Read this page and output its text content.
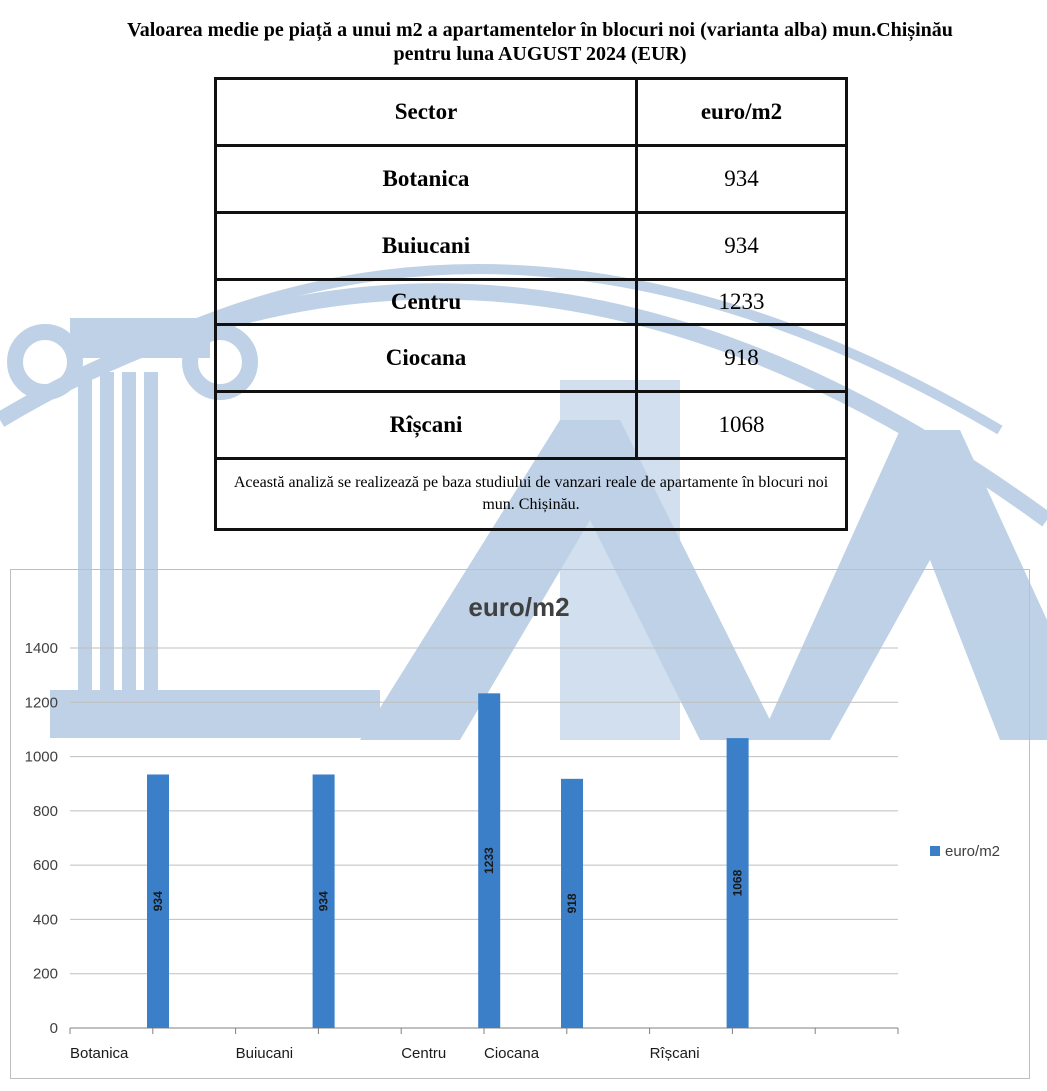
Valoarea medie pe piață a unui m2 a apartamentelor în blocuri noi (varianta alba) mun.Chișinău
pentru luna AUGUST 2024 (EUR)
Sector	euro/m2
Botanica	934
Buiucani	934
Centru	1233
Ciocana	918
Rîșcani	1068
Această analiză se realizează pe baza studiului de vanzari reale de apartamente în blocuri noi mun. Chișinău.	
euro/m2
934	934
1233
918
1068
0
200
400
600
800
1000
1200
1400
Botanica	Buiucani	Centru	Ciocana	Rîșcani
euro/m2
